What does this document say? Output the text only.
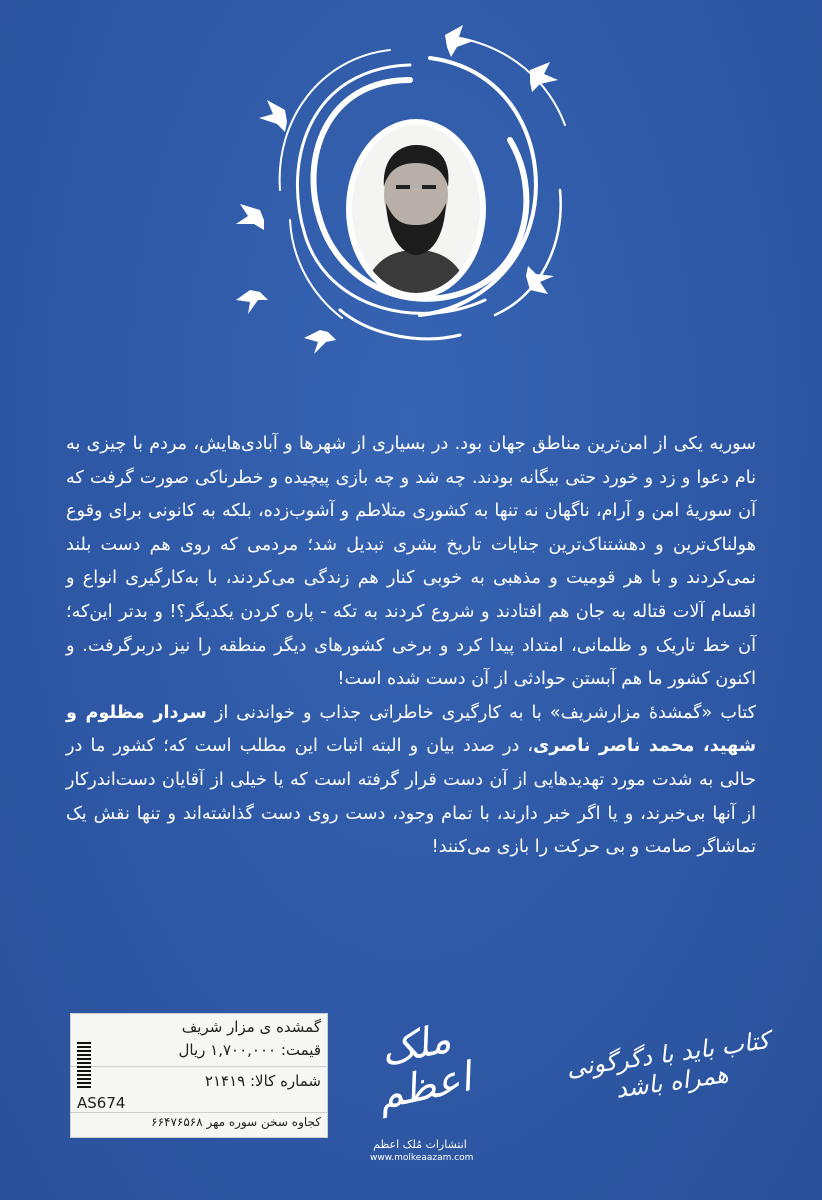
سوریه یکی از امن‌ترین مناطق جهان بود. در بسیاری از شهرها و آبادی‌هایش، مردم با چیزی به نام دعوا و زد و خورد حتی بیگانه بودند. چه شد و چه بازی پیچیده و خطرناکی صورت گرفت که آن سوریهٔ امن و آرام، ناگهان نه تنها به کشوری متلاطم و آشوب‌زده، بلکه به کانونی برای وقوع هولناک‌ترین و دهشتناک‌ترین جنایات تاریخ بشری تبدیل شد؛ مردمی که روی هم دست بلند نمی‌کردند و با هر قومیت و مذهبی به خوبی کنار هم زندگی می‌کردند، با به‌کارگیری انواع و اقسام آلات قتاله به جان هم افتادند و شروع کردند به تکه - پاره کردن یکدیگر؟! و بدتر این‌که؛ آن خط تاریک و ظلمانی، امتداد پیدا کرد و برخی کشورهای دیگر منطقه را نیز دربرگرفت. و اکنون کشور ما هم آبستن حوادثی از آن دست شده است!

کتاب «گمشدهٔ مزارشریف» با به کارگیری خاطراتی جذاب و خواندنی از سردار مظلوم و شهید، محمد ناصر ناصری، در صدد بیان و البته اثبات این مطلب است که؛ کشور ما در حالی به شدت مورد تهدیدهایی از آن دست قرار گرفته است که یا خیلی از آقایان دست‌اندرکار از آنها بی‌خبرند، و یا اگر خبر دارند، با تمام وجود، دست روی دست گذاشته‌اند و تنها نقش یک تماشاگر صامت و بی حرکت را بازی می‌کنند!

گمشده ی مزار شریف
قیمت: ۱,۷۰۰,۰۰۰ ریال
شماره کالا: ۲۱۴۱۹
AS674
کجاوه سخن سوره مهر ۶۶۴۷۶۵۶۸
ملک اعظم
انتشارات مُلک اعظم
www.molkeaazam.com
کتاب باید با دگرگونی همراه باشد
